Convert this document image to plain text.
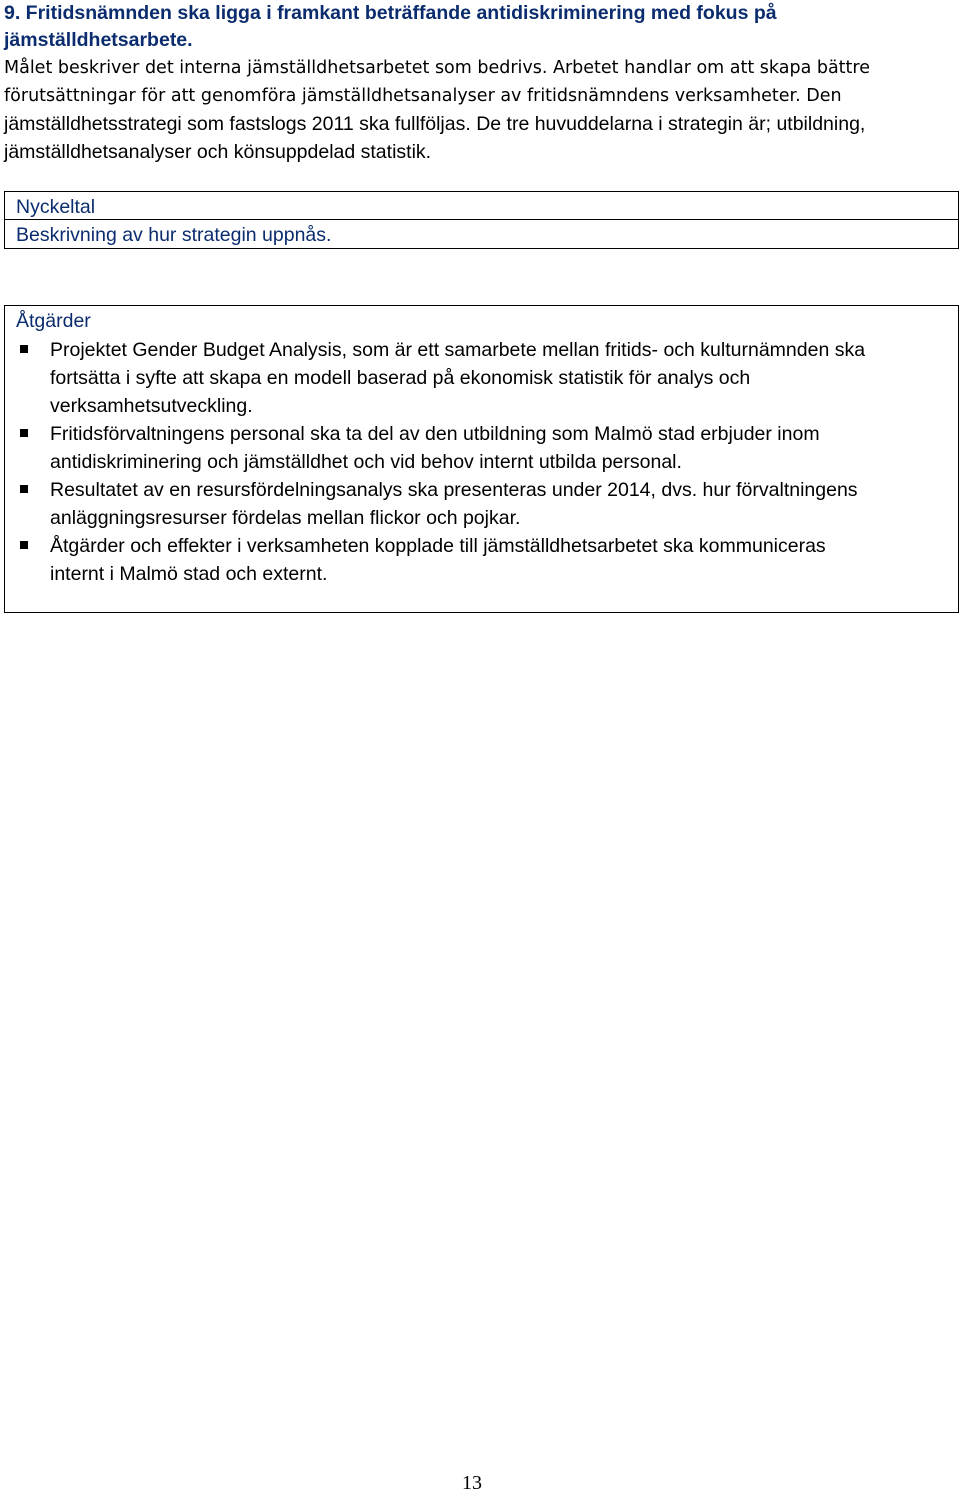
9. Fritidsnämnden ska ligga i framkant beträffande antidiskriminering med fokus på
jämställdhetsarbete.
Målet beskriver det interna jämställdhetsarbetet som bedrivs. Arbetet handlar om att skapa bättre
förutsättningar för att genomföra jämställdhetsanalyser av fritidsnämndens verksamheter. Den
jämställdhetsstrategi som fastslogs 2011 ska fullföljas. De tre huvuddelarna i strategin är; utbildning,
jämställdhetsanalyser och könsuppdelad statistik.
Nyckeltal
Beskrivning av hur strategin uppnås.
Åtgärder
Projektet Gender Budget Analysis, som är ett samarbete mellan fritids- och kulturnämnden ska
fortsätta i syfte att skapa en modell baserad på ekonomisk statistik för analys och
verksamhetsutveckling.
Fritidsförvaltningens personal ska ta del av den utbildning som Malmö stad erbjuder inom
antidiskriminering och jämställdhet och vid behov internt utbilda personal.
Resultatet av en resursfördelningsanalys ska presenteras under 2014, dvs. hur förvaltningens
anläggningsresurser fördelas mellan flickor och pojkar.
Åtgärder och effekter i verksamheten kopplade till jämställdhetsarbetet ska kommuniceras
internt i Malmö stad och externt.
13
